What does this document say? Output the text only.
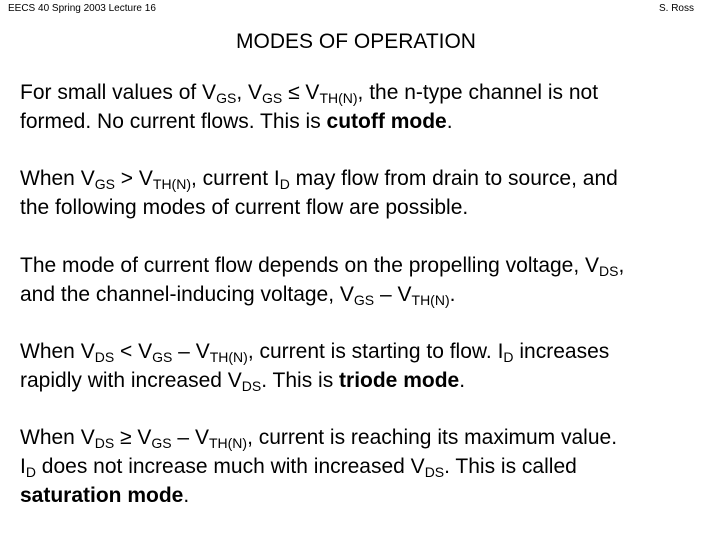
EECS 40 Spring 2003 Lecture 16	S. Ross
MODES OF OPERATION
For small values of $V_{GS}$, $V_{GS} \le V_{TH(N)}$, the n-type channel is not
formed. No current flows. This is cutoff mode.
When $V_{GS} > V_{TH(N)}$, current $I_D$ may flow from drain to source, and
the following modes of current flow are possible.
The mode of current flow depends on the propelling voltage, $V_{DS}$,
and the channel-inducing voltage, $V_{GS} - V_{TH(N)}$.
When $V_{DS} < V_{GS} - V_{TH(N)}$, current is starting to flow. $I_D$ increases
rapidly with increased $V_{DS}$. This is triode mode.
When $V_{DS} \ge V_{GS} - V_{TH(N)}$, current is reaching its maximum value.
$I_D$ does not increase much with increased $V_{DS}$. This is called
saturation mode.
